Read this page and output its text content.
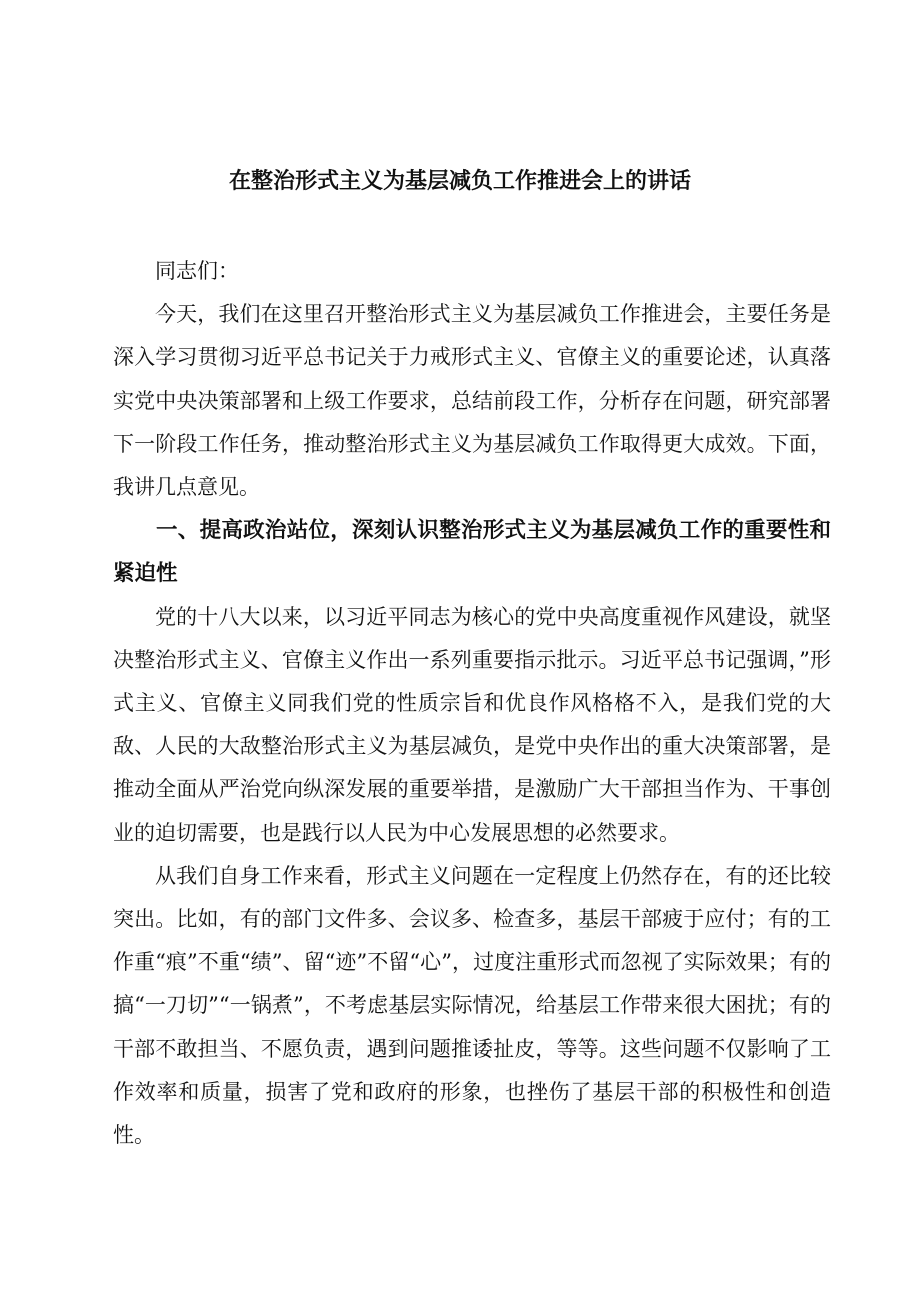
在整治形式主义为基层减负工作推进会上的讲话

同志们：

今天，我们在这里召开整治形式主义为基层减负工作推进会，主要任务是深入学习贯彻习近平总书记关于力戒形式主义、官僚主义的重要论述，认真落实党中央决策部署和上级工作要求，总结前段工作，分析存在问题，研究部署下一阶段工作任务，推动整治形式主义为基层减负工作取得更大成效。下面，我讲几点意见。

一、提高政治站位，深刻认识整治形式主义为基层减负工作的重要性和紧迫性

党的十八大以来，以习近平同志为核心的党中央高度重视作风建设，就坚决整治形式主义、官僚主义作出一系列重要指示批示。习近平总书记强调，”形式主义、官僚主义同我们党的性质宗旨和优良作风格格不入，是我们党的大敌、人民的大敌整治形式主义为基层减负，是党中央作出的重大决策部署，是推动全面从严治党向纵深发展的重要举措，是激励广大干部担当作为、干事创业的迫切需要，也是践行以人民为中心发展思想的必然要求。

从我们自身工作来看，形式主义问题在一定程度上仍然存在，有的还比较突出。比如，有的部门文件多、会议多、检查多，基层干部疲于应付；有的工作重“痕”不重“绩”、留“迹”不留“心”，过度注重形式而忽视了实际效果；有的搞“一刀切”“一锅煮”，不考虑基层实际情况，给基层工作带来很大困扰；有的干部不敢担当、不愿负责，遇到问题推诿扯皮，等等。这些问题不仅影响了工作效率和质量，损害了党和政府的形象，也挫伤了基层干部的积极性和创造性。
